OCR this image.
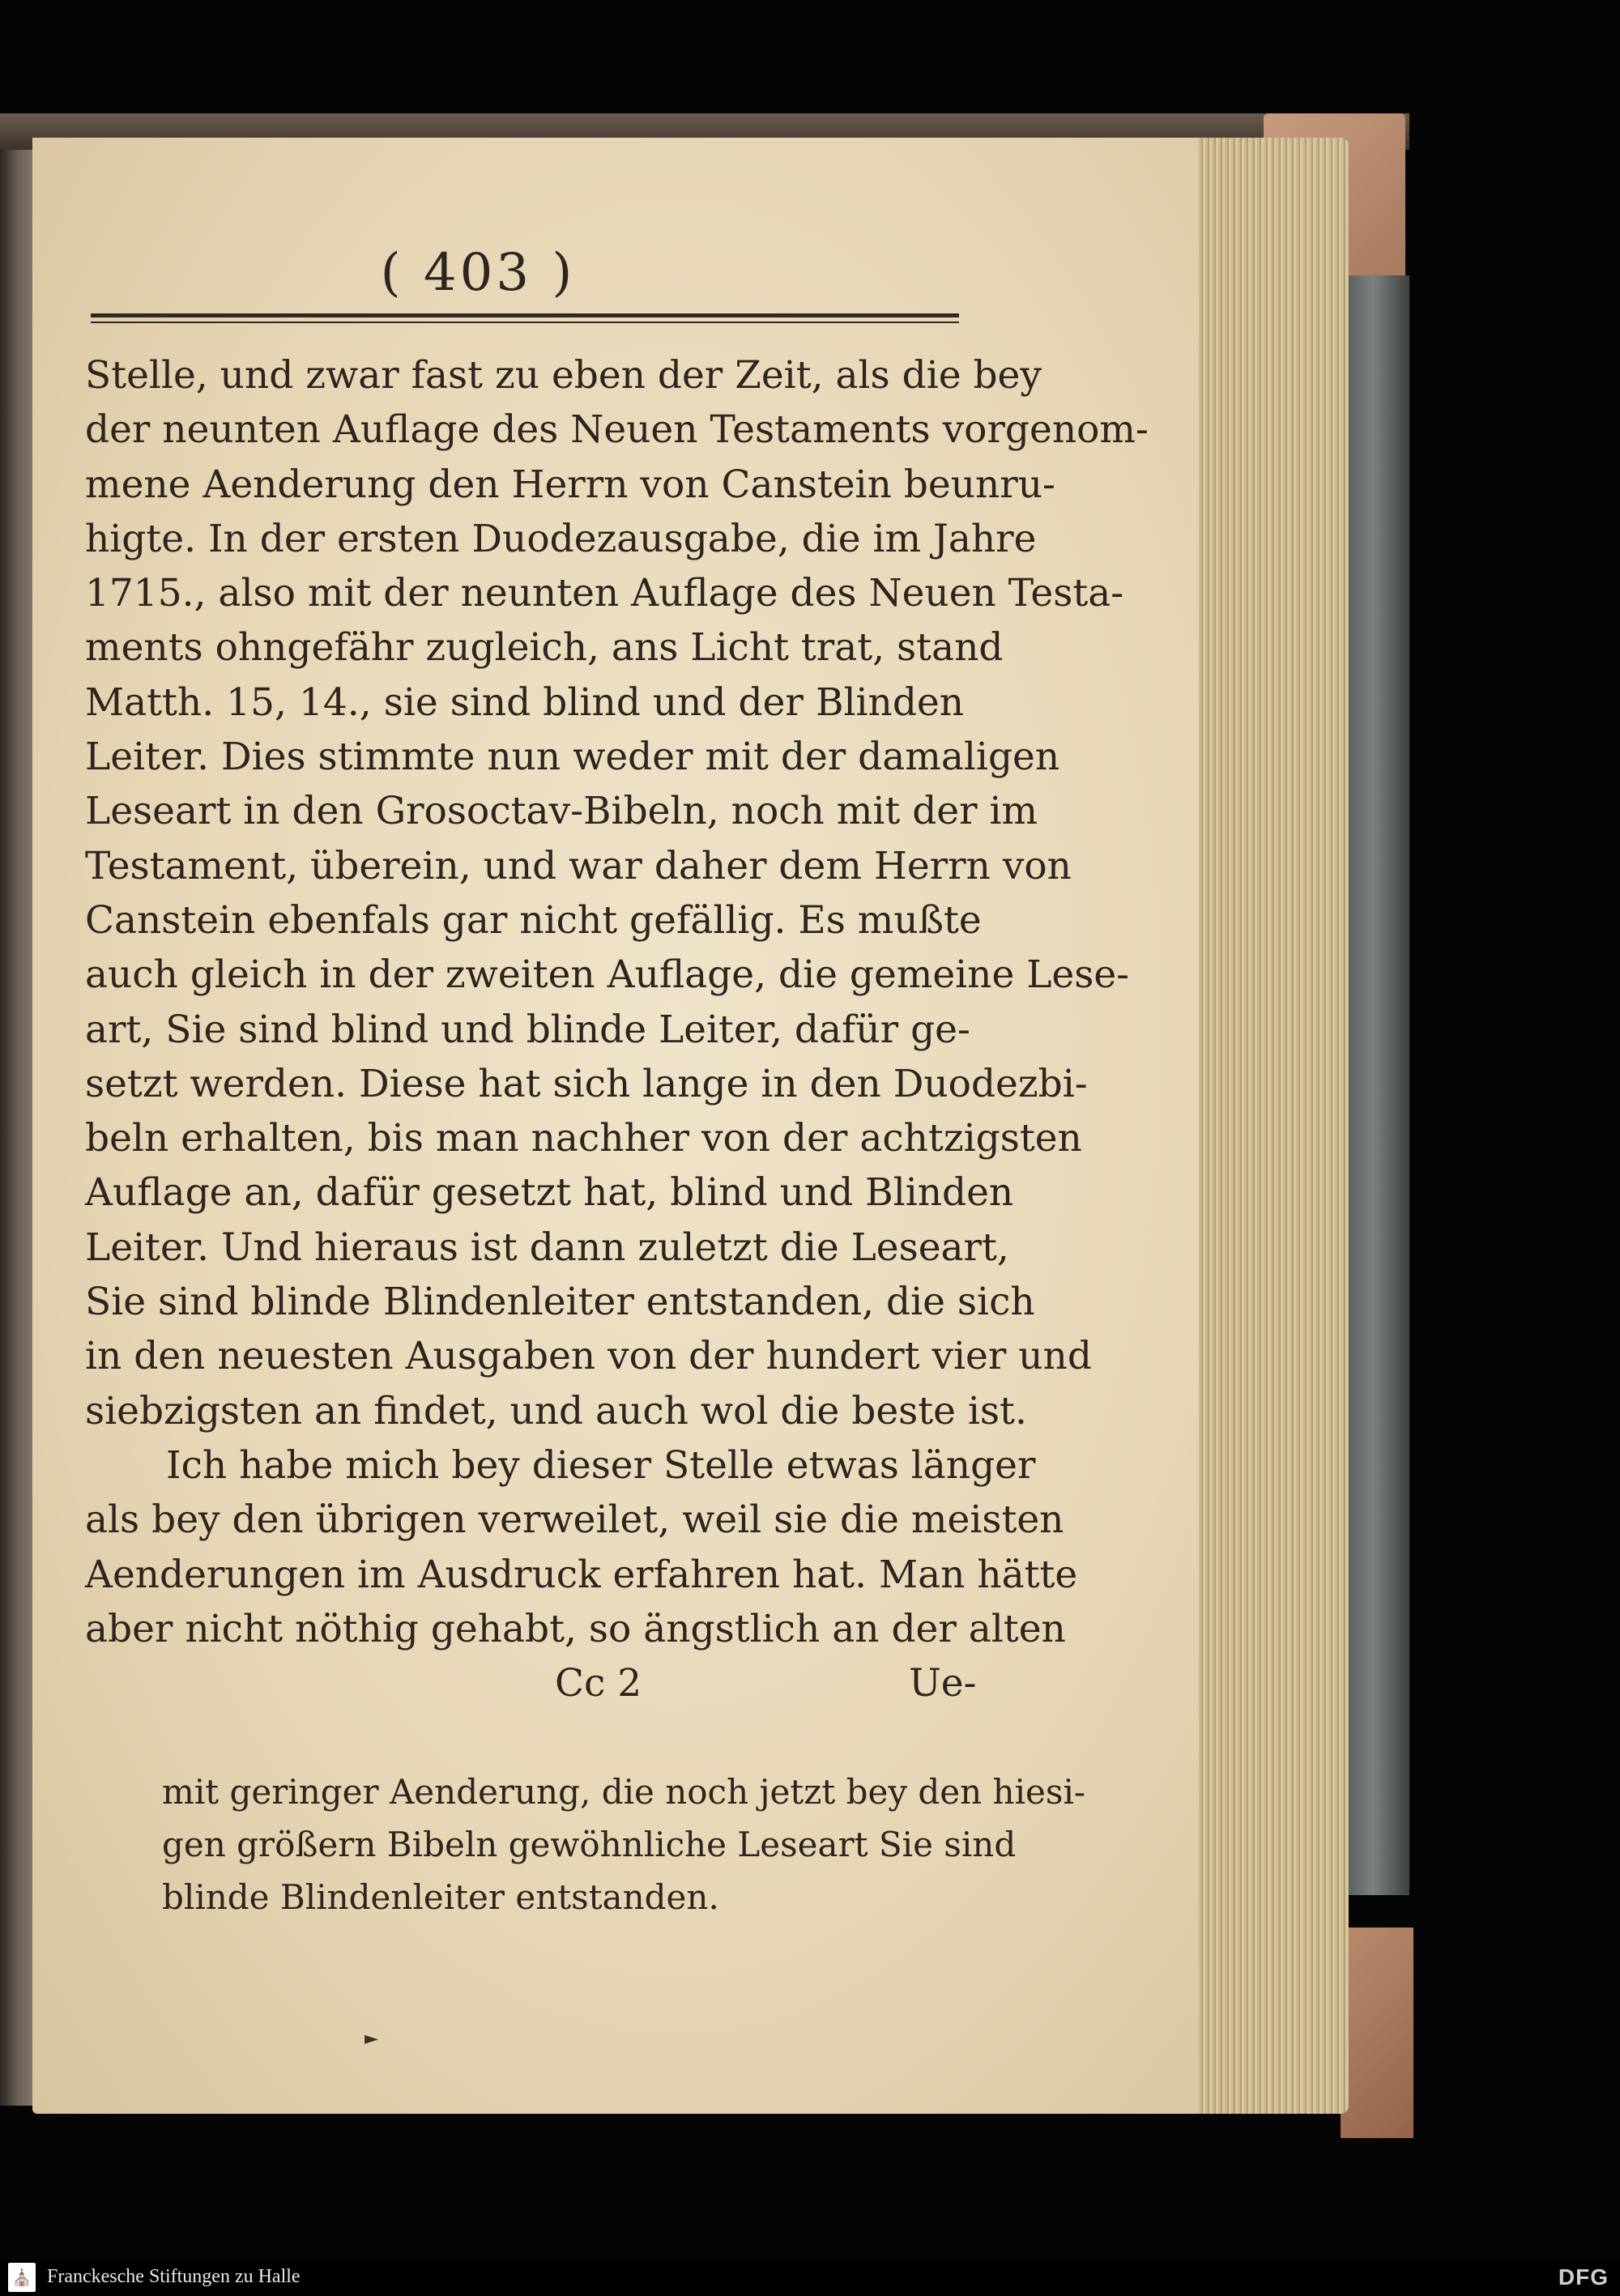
( 403 )
Stelle, und zwar fast zu eben der Zeit, als die bey
der neunten Auflage des Neuen Testaments vorgenom-
mene Aenderung den Herrn von Canstein beunru-
higte. In der ersten Duodezausgabe, die im Jahre
1715., also mit der neunten Auflage des Neuen Testa-
ments ohngefähr zugleich, ans Licht trat, stand
Matth. 15, 14., sie sind blind und der Blinden
Leiter. Dies stimmte nun weder mit der damaligen
Leseart in den Grosoctav-Bibeln, noch mit der im
Testament, überein, und war daher dem Herrn von
Canstein ebenfals gar nicht gefällig. Es mußte
auch gleich in der zweiten Auflage, die gemeine Lese-
art, Sie sind blind und blinde Leiter, dafür ge-
setzt werden. Diese hat sich lange in den Duodezbi-
beln erhalten, bis man nachher von der achtzigsten
Auflage an, dafür gesetzt hat, blind und Blinden
Leiter. Und hieraus ist dann zuletzt die Leseart,
Sie sind blinde Blindenleiter entstanden, die sich
in den neuesten Ausgaben von der hundert vier und
siebzigsten an findet, und auch wol die beste ist.
Ich habe mich bey dieser Stelle etwas länger
als bey den übrigen verweilet, weil sie die meisten
Aenderungen im Ausdruck erfahren hat. Man hätte
aber nicht nöthig gehabt, so ängstlich an der alten
Cc 2	Ue-
mit geringer Aenderung, die noch jetzt bey den hiesi-
gen größern Bibeln gewöhnliche Leseart Sie sind
blinde Blindenleiter entstanden.
►
⛪ Franckesche Stiftungen zu Halle	DFG
